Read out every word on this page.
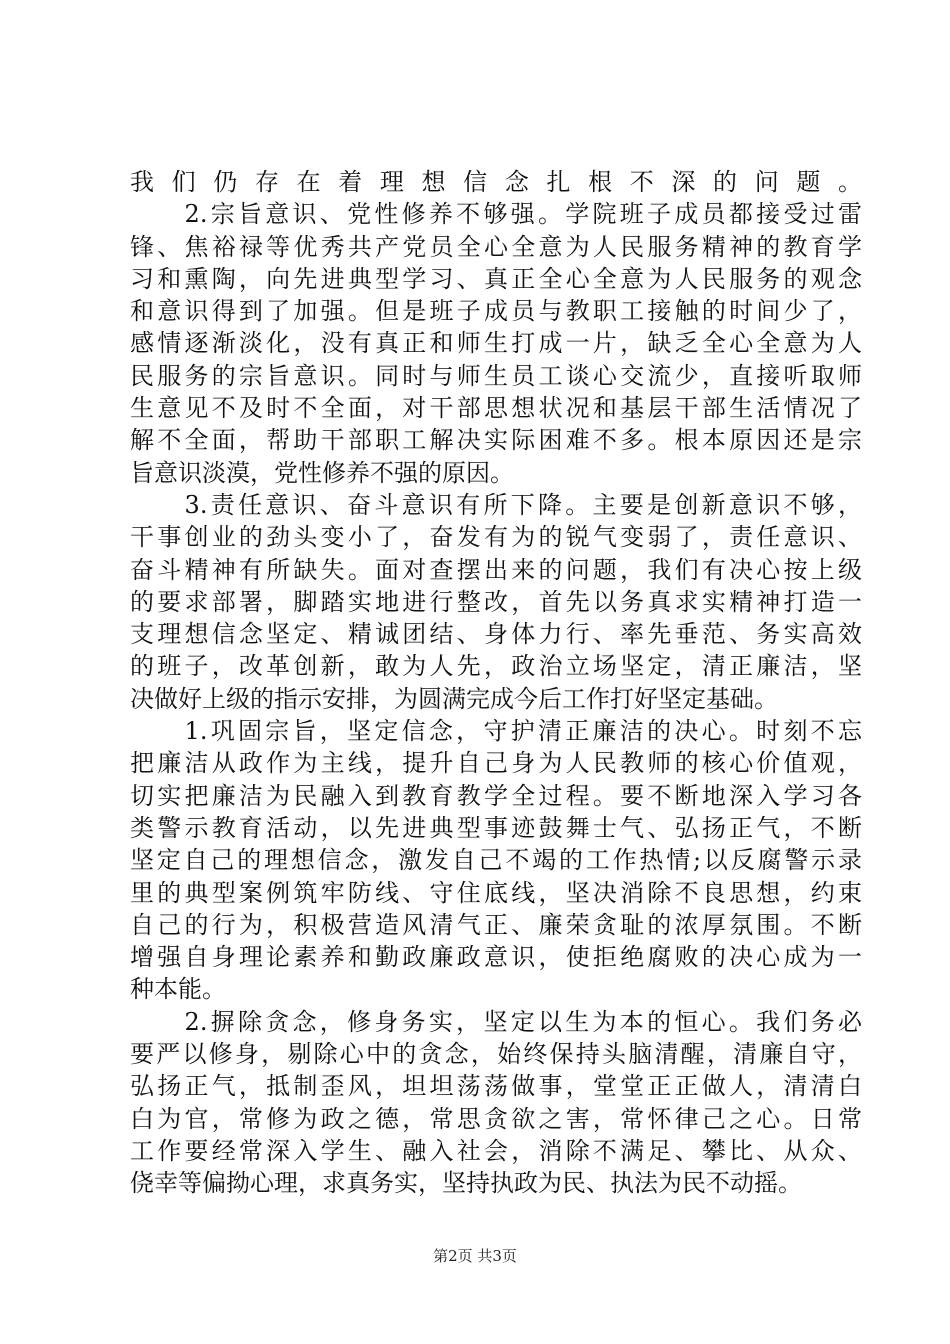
我们仍存在着理想信念扎根不深的问题。
　　2.宗旨意识、党性修养不够强。学院班子成员都接受过雷
锋、焦裕禄等优秀共产党员全心全意为人民服务精神的教育学
习和熏陶，向先进典型学习、真正全心全意为人民服务的观念
和意识得到了加强。但是班子成员与教职工接触的时间少了，
感情逐渐淡化，没有真正和师生打成一片，缺乏全心全意为人
民服务的宗旨意识。同时与师生员工谈心交流少，直接听取师
生意见不及时不全面，对干部思想状况和基层干部生活情况了
解不全面，帮助干部职工解决实际困难不多。根本原因还是宗
旨意识淡漠，党性修养不强的原因。
　　3.责任意识、奋斗意识有所下降。主要是创新意识不够，
干事创业的劲头变小了，奋发有为的锐气变弱了，责任意识、
奋斗精神有所缺失。面对查摆出来的问题，我们有决心按上级
的要求部署，脚踏实地进行整改，首先以务真求实精神打造一
支理想信念坚定、精诚团结、身体力行、率先垂范、务实高效
的班子，改革创新，敢为人先，政治立场坚定，清正廉洁，坚
决做好上级的指示安排，为圆满完成今后工作打好坚定基础。
　　1.巩固宗旨，坚定信念，守护清正廉洁的决心。时刻不忘
把廉洁从政作为主线，提升自己身为人民教师的核心价值观，
切实把廉洁为民融入到教育教学全过程。要不断地深入学习各
类警示教育活动，以先进典型事迹鼓舞士气、弘扬正气，不断
坚定自己的理想信念，激发自己不竭的工作热情;以反腐警示录
里的典型案例筑牢防线、守住底线，坚决消除不良思想，约束
自己的行为，积极营造风清气正、廉荣贪耻的浓厚氛围。不断
增强自身理论素养和勤政廉政意识，使拒绝腐败的决心成为一
种本能。
　　2.摒除贪念，修身务实，坚定以生为本的恒心。我们务必
要严以修身，剔除心中的贪念，始终保持头脑清醒，清廉自守，
弘扬正气，抵制歪风，坦坦荡荡做事，堂堂正正做人，清清白
白为官，常修为政之德，常思贪欲之害，常怀律己之心。日常
工作要经常深入学生、融入社会，消除不满足、攀比、从众、
侥幸等偏拗心理，求真务实，坚持执政为民、执法为民不动摇。
第2页 共3页
